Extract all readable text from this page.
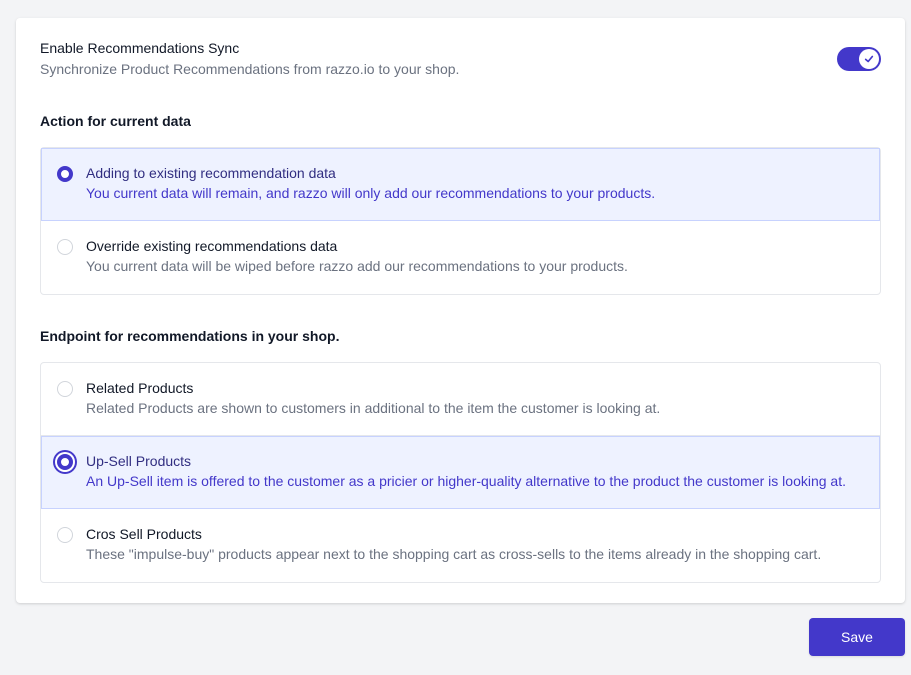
Enable Recommendations Sync
Synchronize Product Recommendations from razzo.io to your shop.
Action for current data
Adding to existing recommendation data
You current data will remain, and razzo will only add our recommendations to your products.
Override existing recommendations data
You current data will be wiped before razzo add our recommendations to your products.
Endpoint for recommendations in your shop.
Related Products
Related Products are shown to customers in additional to the item the customer is looking at.
Up-Sell Products
An Up-Sell item is offered to the customer as a pricier or higher-quality alternative to the product the customer is looking at.
Cros Sell Products
These "impulse-buy" products appear next to the shopping cart as cross-sells to the items already in the shopping cart.
Save
